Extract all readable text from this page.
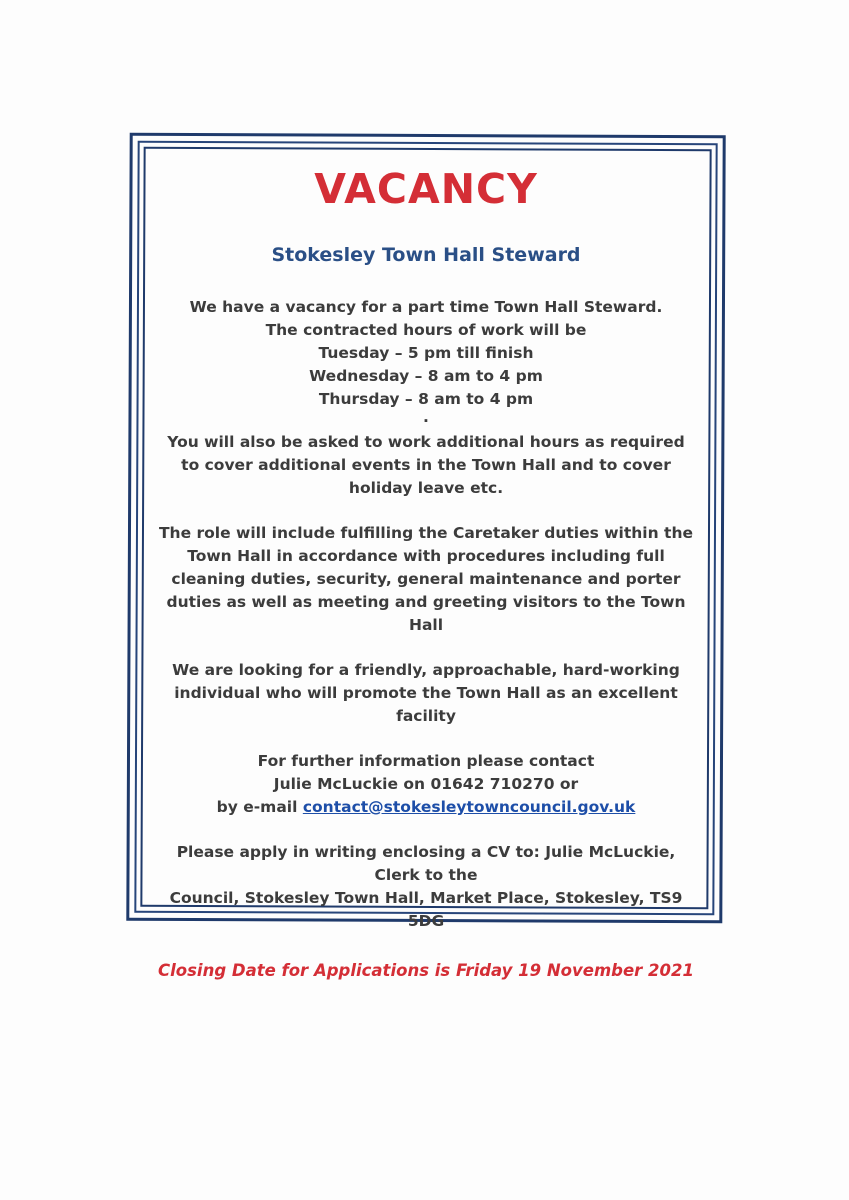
VACANCY
Stokesley Town Hall Steward

We have a vacancy for a part time Town Hall Steward.

The contracted hours of work will be

Tuesday – 5 pm till finish

Wednesday – 8 am to 4 pm

Thursday – 8 am to 4 pm

.

You will also be asked to work additional hours as required to cover additional events in the Town Hall and to cover holiday leave etc.

The role will include fulfilling the Caretaker duties within the Town Hall in accordance with procedures including full cleaning duties, security, general maintenance and porter duties as well as meeting and greeting visitors to the Town Hall

We are looking for a friendly, approachable, hard-working individual who will promote the Town Hall as an excellent facility

For further information please contact

Julie McLuckie on 01642 710270 or

by e-mail contact@stokesleytowncouncil.gov.uk

Please apply in writing enclosing a CV to: Julie McLuckie, Clerk to the

Council, Stokesley Town Hall, Market Place, Stokesley, TS9 5DG

Closing Date for Applications is Friday 19 November 2021
